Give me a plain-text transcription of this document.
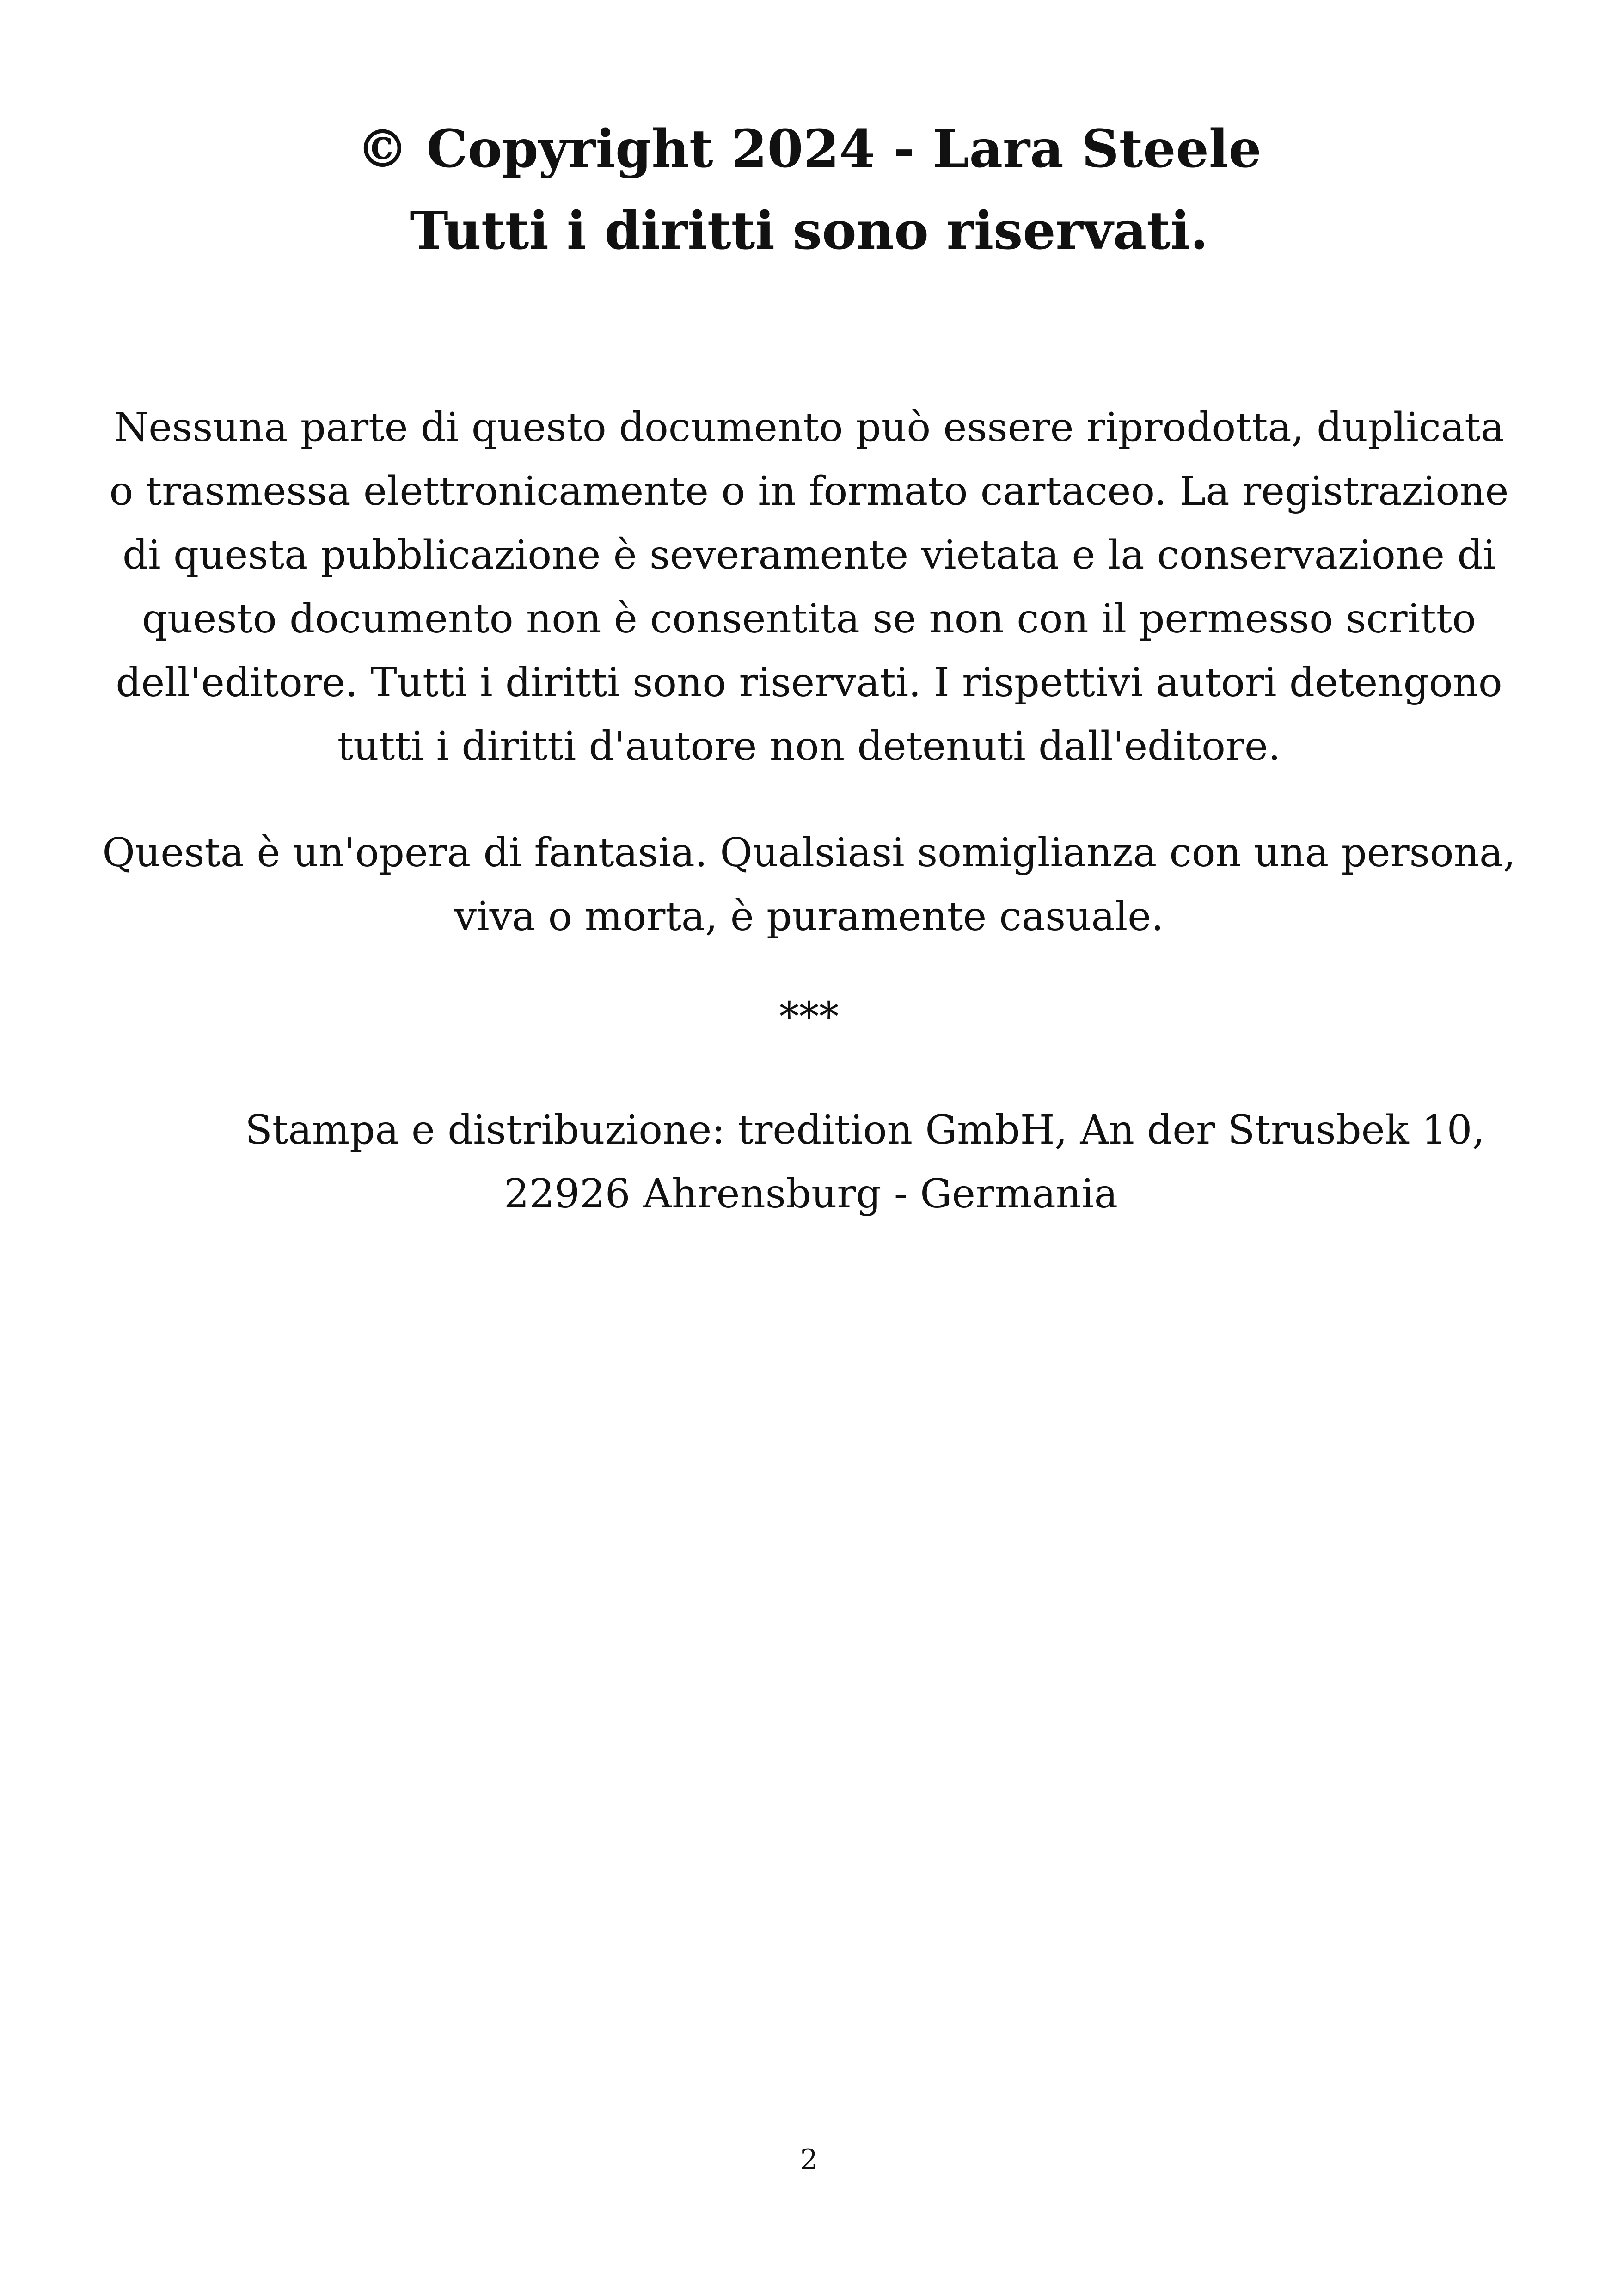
© Copyright 2024 - Lara Steele
Tutti i diritti sono riservati.

Nessuna parte di questo documento può essere riprodotta, duplicata

o trasmessa elettronicamente o in formato cartaceo. La registrazione

di questa pubblicazione è severamente vietata e la conservazione di

questo documento non è consentita se non con il permesso scritto

dell'editore. Tutti i diritti sono riservati. I rispettivi autori detengono

tutti i diritti d'autore non detenuti dall'editore.

Questa è un'opera di fantasia. Qualsiasi somiglianza con una persona,

viva o morta, è puramente casuale.

***

Stampa e distribuzione: tredition GmbH, An der Strusbek 10,

22926 Ahrensburg - Germania

2
